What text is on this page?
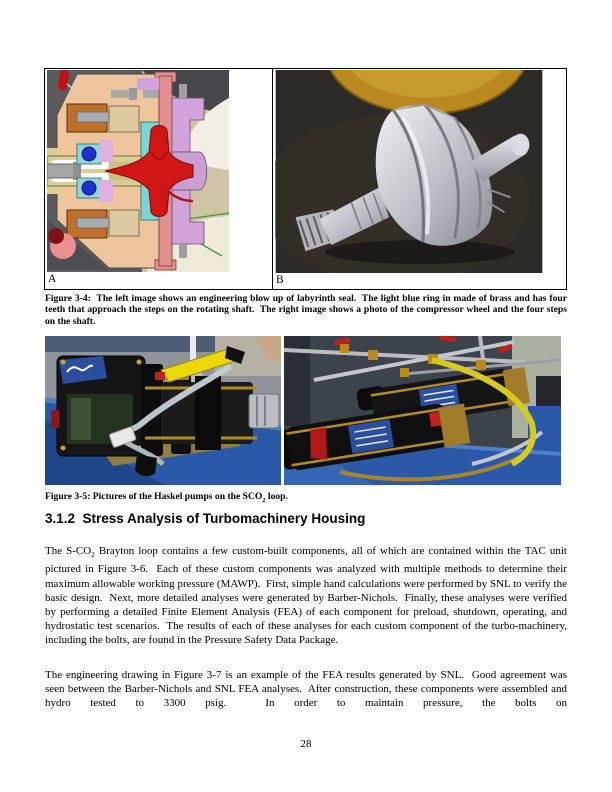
A	B
Figure 3-4:  The left image shows an engineering blow up of labyrinth seal.  The light blue ring in made of brass and has four teeth that approach the steps on the rotating shaft.  The right image shows a photo of the compressor wheel and the four steps on the shaft.
Figure 3-5: Pictures of the Haskel pumps on the $SCO_2$ loop.
3.1.2  Stress Analysis of Turbomachinery Housing
The $S-CO_2$ Brayton loop contains a few custom-built components, all of which are contained within the TAC unit pictured in Figure 3-6.  Each of these custom components was analyzed with multiple methods to determine their maximum allowable working pressure (MAWP).  First, simple hand calculations were performed by SNL to verify the basic design.  Next, more detailed analyses were generated by Barber-Nichols.  Finally, these analyses were verified by performing a detailed Finite Element Analysis (FEA) of each component for preload, shutdown, operating, and hydrostatic test scenarios.  The results of each of these analyses for each custom component of the turbo-machinery, including the bolts, are found in the Pressure Safety Data Package.
The engineering drawing in Figure 3-7 is an example of the FEA results generated by SNL.  Good agreement was seen between the Barber-Nichols and SNL FEA analyses.  After construction, these components were assembled and hydro tested to 3300 psig.  In order to maintain pressure, the bolts on
28
